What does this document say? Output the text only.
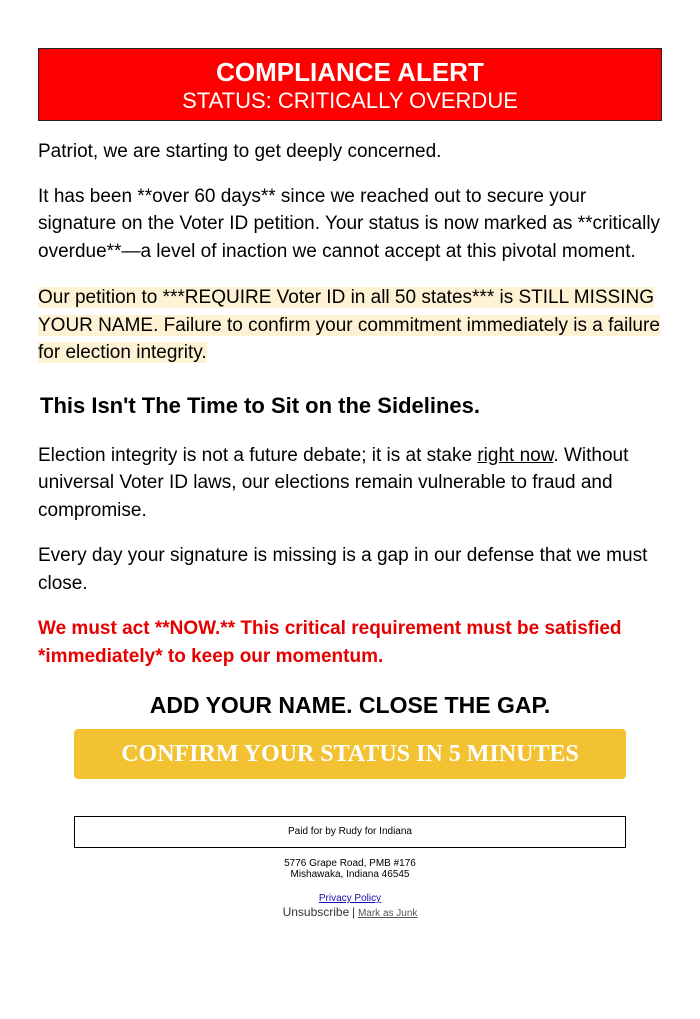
COMPLIANCE ALERT
STATUS: CRITICALLY OVERDUE

Patriot, we are starting to get deeply concerned.

It has been **over 60 days** since we reached out to secure your signature on the Voter ID petition. Your status is now marked as **critically overdue**—a level of inaction we cannot accept at this pivotal moment.

Our petition to ***REQUIRE Voter ID in all 50 states*** is STILL MISSING YOUR NAME. Failure to confirm your commitment immediately is a failure for election integrity.

This Isn't The Time to Sit on the Sidelines.

Election integrity is not a future debate; it is at stake right now. Without universal Voter ID laws, our elections remain vulnerable to fraud and compromise.

Every day your signature is missing is a gap in our defense that we must close.

We must act **NOW.** This critical requirement must be satisfied *immediately* to keep our momentum.

ADD YOUR NAME. CLOSE THE GAP.
CONFIRM YOUR STATUS IN 5 MINUTES
Paid for by Rudy for Indiana
5776 Grape Road, PMB #176
Mishawaka, Indiana 46545
Privacy Policy
Unsubscribe | Mark as Junk
